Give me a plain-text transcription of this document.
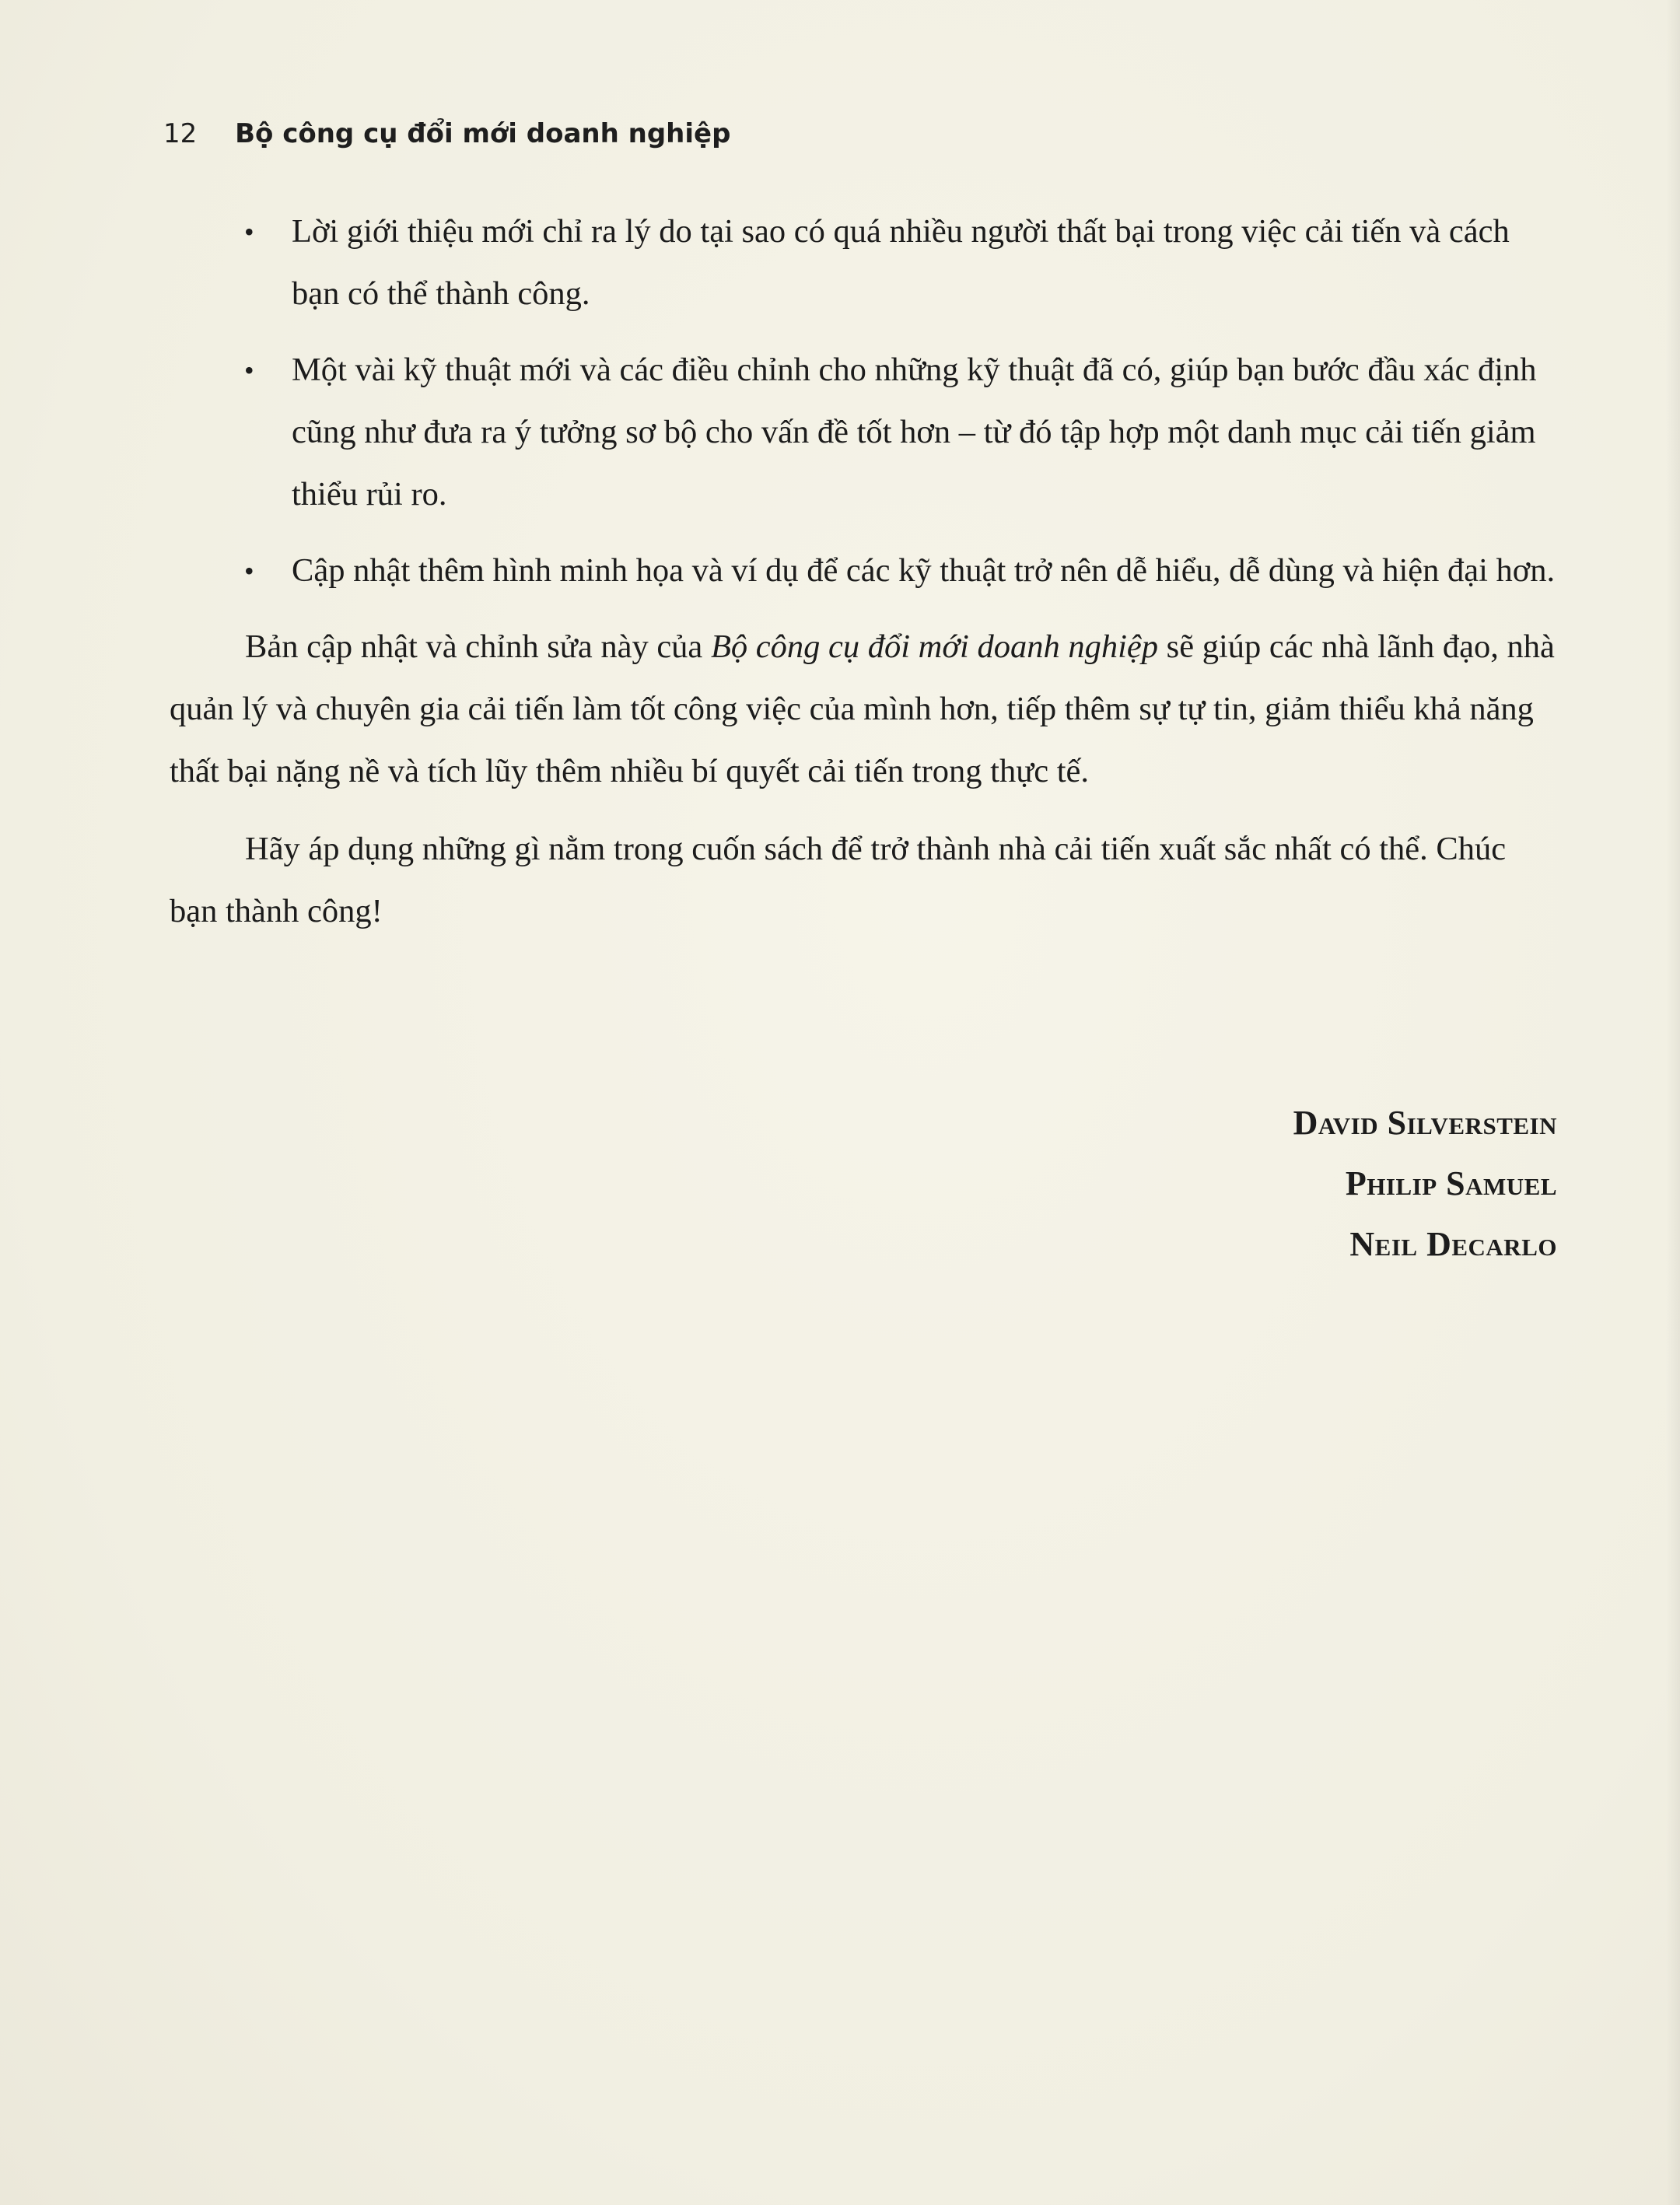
12 Bộ công cụ đổi mới doanh nghiệp
• Lời giới thiệu mới chỉ ra lý do tại sao có quá nhiều người thất bại trong việc cải tiến và cách bạn có thể thành công.
• Một vài kỹ thuật mới và các điều chỉnh cho những kỹ thuật đã có, giúp bạn bước đầu xác định cũng như đưa ra ý tưởng sơ bộ cho vấn đề tốt hơn – từ đó tập hợp một danh mục cải tiến giảm thiểu rủi ro.
• Cập nhật thêm hình minh họa và ví dụ để các kỹ thuật trở nên dễ hiểu, dễ dùng và hiện đại hơn.

Bản cập nhật và chỉnh sửa này của Bộ công cụ đổi mới doanh nghiệp sẽ giúp các nhà lãnh đạo, nhà quản lý và chuyên gia cải tiến làm tốt công việc của mình hơn, tiếp thêm sự tự tin, giảm thiểu khả năng thất bại nặng nề và tích lũy thêm nhiều bí quyết cải tiến trong thực tế.

Hãy áp dụng những gì nằm trong cuốn sách để trở thành nhà cải tiến xuất sắc nhất có thể. Chúc bạn thành công!

David Silverstein
Philip Samuel
Neil Decarlo
